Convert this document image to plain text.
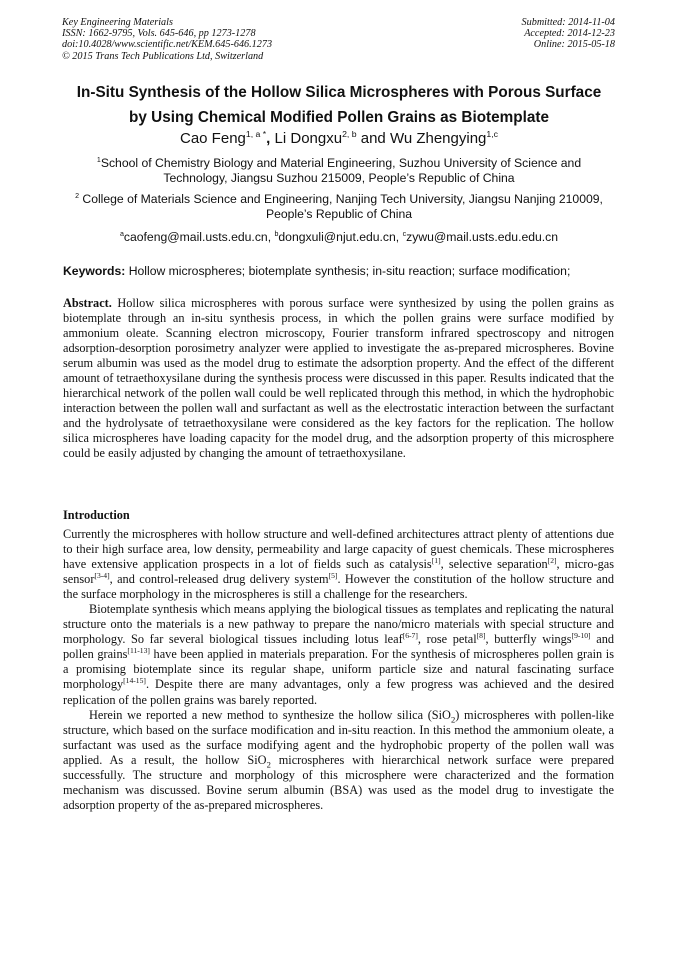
Key Engineering Materials
ISSN: 1662-9795, Vols. 645-646, pp 1273-1278
doi:10.4028/www.scientific.net/KEM.645-646.1273
© 2015 Trans Tech Publications Ltd, Switzerland
Submitted: 2014-11-04
Accepted: 2014-12-23
Online: 2015-05-18
In-Situ Synthesis of the Hollow Silica Microspheres with Porous Surface
by Using Chemical Modified Pollen Grains as Biotemplate
Cao Feng$^{1, a *}$, Li Dongxu$^{2, b}$ and Wu Zhengying$^{1,c}$
$^1$School of Chemistry Biology and Material Engineering, Suzhou University of Science and
Technology, Jiangsu Suzhou 215009, People’s Republic of China
$^2$ College of Materials Science and Engineering, Nanjing Tech University, Jiangsu Nanjing 210009,
People’s Republic of China
$^a$caofeng@mail.usts.edu.cn, $^b$dongxuli@njut.edu.cn, $^c$zywu@mail.usts.edu.edu.cn
Keywords: Hollow microspheres; biotemplate synthesis; in-situ reaction; surface modification;
Abstract. Hollow silica microspheres with porous surface were synthesized by using the pollen grains as biotemplate through an in-situ synthesis process, in which the pollen grains were surface modified by ammonium oleate. Scanning electron microscopy, Fourier transform infrared spectroscopy and nitrogen adsorption-desorption porosimetry analyzer were applied to investigate the as-prepared microspheres. Bovine serum albumin was used as the model drug to estimate the adsorption property. And the effect of the different amount of tetraethoxysilane during the synthesis process were discussed in this paper. Results indicated that the hierarchical network of the pollen wall could be well replicated through this method, in which the hydrophobic interaction between the pollen wall and surfactant as well as the electrostatic interaction between the surfactant and the hydrolysate of tetraethoxysilane were considered as the key factors for the replication. The hollow silica microspheres have loading capacity for the model drug, and the adsorption property of this microsphere could be easily adjusted by changing the amount of tetraethoxysilane.
Introduction

Currently the microspheres with hollow structure and well-defined architectures attract plenty of attentions due to their high surface area, low density, permeability and large capacity of guest chemicals. These microspheres have extensive application prospects in a lot of fields such as catalysis[1], selective separation[2], micro-gas sensor[3-4], and control-released drug delivery system[5]. However the constitution of the hollow structure and the surface morphology in the microspheres is still a challenge for the researchers.

Biotemplate synthesis which means applying the biological tissues as templates and replicating the natural structure onto the materials is a new pathway to prepare the nano/micro materials with special structure and morphology. So far several biological tissues including lotus leaf[6-7], rose petal[8], butterfly wings[9-10] and pollen grains[11-13] have been applied in materials preparation. For the synthesis of microspheres pollen grain is a promising biotemplate since its regular shape, uniform particle size and natural fascinating surface morphology[14-15]. Despite there are many advantages, only a few progress was achieved and the desired replication of the pollen grains was barely reported.

Herein we reported a new method to synthesize the hollow silica (SiO$_2$) microspheres with pollen-like structure, which based on the surface modification and in-situ reaction. In this method the ammonium oleate, a surfactant was used as the surface modifying agent and the hydrophobic property of the pollen wall was applied. As a result, the hollow SiO$_2$ microspheres with hierarchical network surface were prepared successfully. The structure and morphology of this microsphere were characterized and the formation mechanism was discussed. Bovine serum albumin (BSA) was used as the model drug to investigate the adsorption property of the as-prepared microspheres.
